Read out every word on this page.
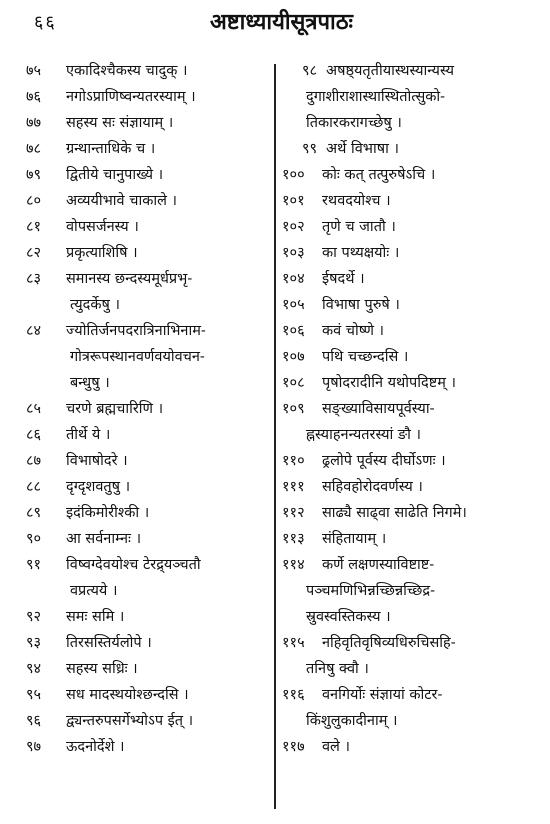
६६	अष्टाध्यायीसूत्रपाठः
७५ एकादिश्चैकस्य चादुक् ।
७६ नगोऽप्राणिष्वन्यतरस्याम् ।
७७ सहस्य सः संज्ञायाम् ।
७८ ग्रन्थान्ताधिके च ।
७९ द्वितीये चानुपाख्ये ।
८० अव्ययीभावे चाकाले ।
८१ वोपसर्जनस्य ।
८२ प्रकृत्याशिषि ।
८३ समानस्य छन्दस्यमूर्धप्रभृ-
त्युदर्केषु ।
८४ ज्योतिर्जनपदरात्रिनाभिनाम-
गोत्ररूपस्थानवर्णवयोवचन-
बन्धुषु ।
८५ चरणे ब्रह्मचारिणि ।
८६ तीर्थे ये ।
८७ विभाषोदरे ।
८८ दृग्दृशवतुषु ।
८९ इदंकिमोरीश्की ।
९० आ सर्वनाम्नः ।
९१ विष्वग्देवयोश्च टेरद्र्यञ्चतौ
वप्रत्यये ।
९२ समः समि ।
९३ तिरसस्तिर्यलोपे ।
९४ सहस्य सध्रिः ।
९५ सध मादस्थयोश्छन्दसि ।
९६ द्व्यन्तरुपसर्गेभ्योऽप ईत् ।
९७ ऊदनोर्देशे ।
९८ अषष्ठ्यतृतीयास्थस्यान्यस्य
दुगाशीराशास्थास्थितोत्सुको-
तिकारकरागच्छेषु ।
९९ अर्थे विभाषा ।
१०० कोः कत् तत्पुरुषेऽचि ।
१०१ रथवदयोश्च ।
१०२ तृणे च जातौ ।
१०३ का पथ्यक्षयोः ।
१०४ ईषदर्थे ।
१०५ विभाषा पुरुषे ।
१०६ कवं चोष्णे ।
१०७ पथि चच्छन्दसि ।
१०८ पृषोदरादीनि यथोपदिष्टम् ।
१०९ सङ्ख्याविसायपूर्वस्या-
ह्नस्याहनन्यतरस्यां ङौ ।
११० ढ्रलोपे पूर्वस्य दीर्घोऽणः ।
१११ सहिवहोरोदवर्णस्य ।
११२ साढ्यै साढ्वा साढेति निगमे।
११३ संहितायाम् ।
११४ कर्णे लक्षणस्याविष्टाष्ट-
पञ्चमणिभिन्नच्छिन्नच्छिद्र-
स्रुवस्वस्तिकस्य ।
११५ नहिवृतिवृषिव्यधिरुचिसहि-
तनिषु क्वौ ।
११६ वनगिर्योः संज्ञायां कोटर-
किंशुलुकादीनाम् ।
११७ वले ।
